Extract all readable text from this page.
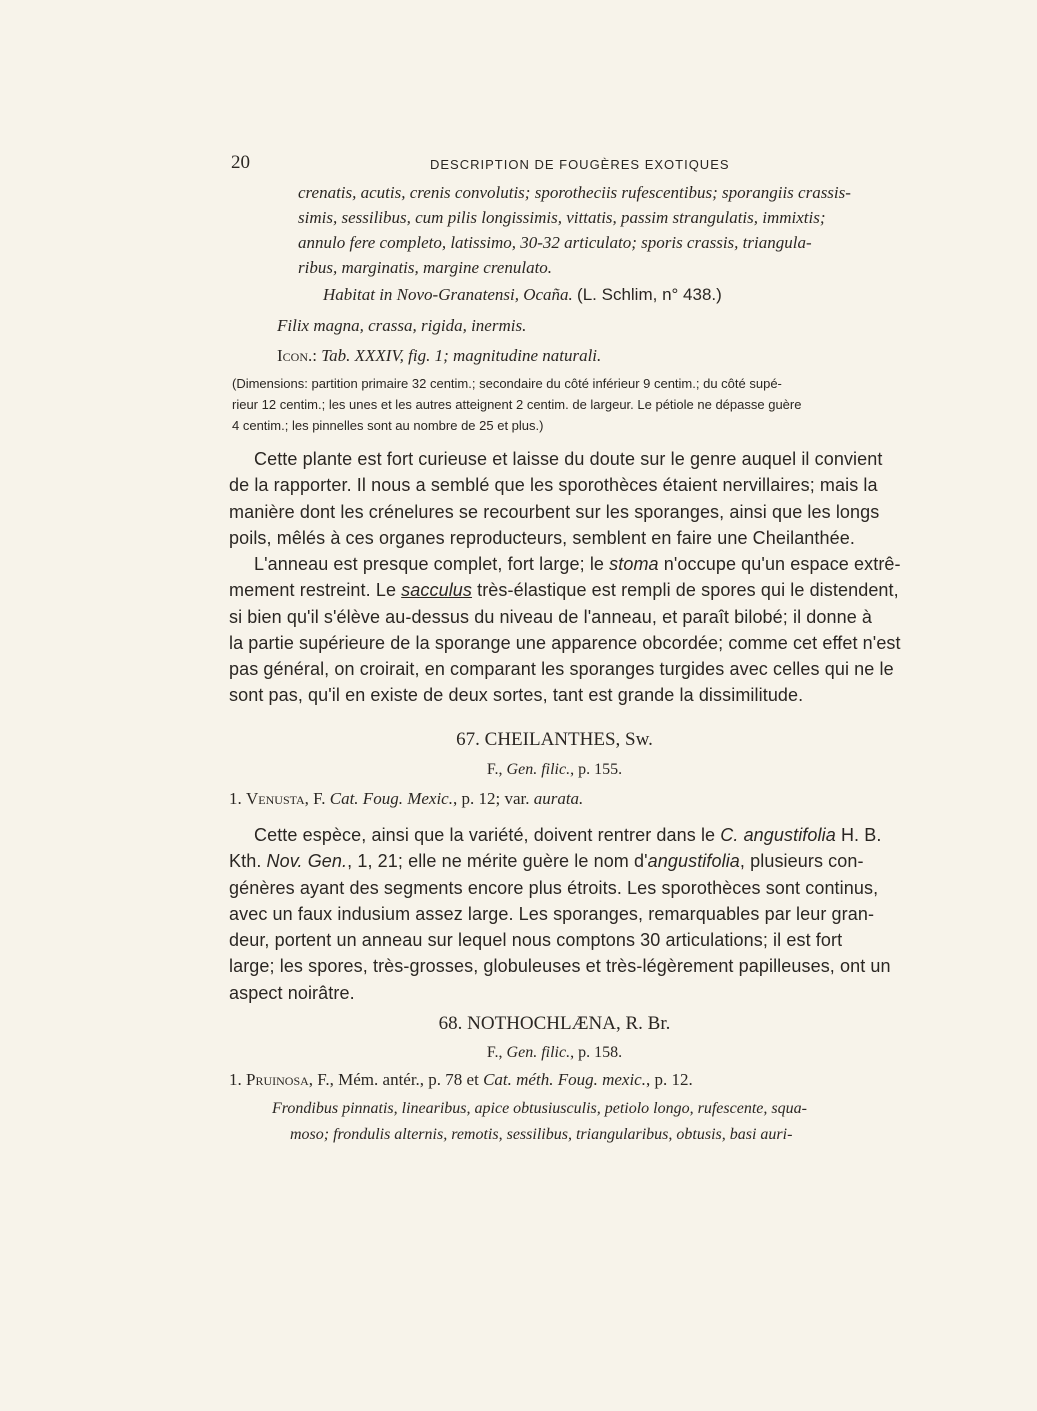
20	DESCRIPTION DE FOUGÈRES EXOTIQUES
crenatis, acutis, crenis convolutis; sporotheciis rufescentibus; sporangiis crassis-
simis, sessilibus, cum pilis longissimis, vittatis, passim strangulatis, immixtis;
annulo fere completo, latissimo, 30-32 articulato; sporis crassis, triangula-
ribus, marginatis, margine crenulato.
Habitat in Novo-Granatensi, Ocaña. (L. Schlim, n° 438.)
Filix magna, crassa, rigida, inermis.
Icon.: Tab. XXXIV, fig. 1; magnitudine naturali.
(Dimensions: partition primaire 32 centim.; secondaire du côté inférieur 9 centim.; du côté supé-
rieur 12 centim.; les unes et les autres atteignent 2 centim. de largeur. Le pétiole ne dépasse guère
4 centim.; les pinnelles sont au nombre de 25 et plus.)
Cette plante est fort curieuse et laisse du doute sur le genre auquel il convient
de la rapporter. Il nous a semblé que les sporothèces étaient nervillaires; mais la
manière dont les crénelures se recourbent sur les sporanges, ainsi que les longs
poils, mêlés à ces organes reproducteurs, semblent en faire une Cheilanthée.
L'anneau est presque complet, fort large; le stoma n'occupe qu'un espace extrê-
mement restreint. Le sacculus très-élastique est rempli de spores qui le distendent,
si bien qu'il s'élève au-dessus du niveau de l'anneau, et paraît bilobé; il donne à
la partie supérieure de la sporange une apparence obcordée; comme cet effet n'est
pas général, on croirait, en comparant les sporanges turgides avec celles qui ne le
sont pas, qu'il en existe de deux sortes, tant est grande la dissimilitude.
67. CHEILANTHES, Sw.
F., Gen. filic., p. 155.
1. Venusta, F. Cat. Foug. Mexic., p. 12; var. aurata.
Cette espèce, ainsi que la variété, doivent rentrer dans le C. angustifolia H. B.
Kth. Nov. Gen., 1, 21; elle ne mérite guère le nom d'angustifolia, plusieurs con-
génères ayant des segments encore plus étroits. Les sporothèces sont continus,
avec un faux indusium assez large. Les sporanges, remarquables par leur gran-
deur, portent un anneau sur lequel nous comptons 30 articulations; il est fort
large; les spores, très-grosses, globuleuses et très-légèrement papilleuses, ont un
aspect noirâtre.
68. NOTHOCHLÆNA, R. Br.
F., Gen. filic., p. 158.
1. Pruinosa, F., Mém. antér., p. 78 et Cat. méth. Foug. mexic., p. 12.
Frondibus pinnatis, linearibus, apice obtusiusculis, petiolo longo, rufescente, squa-
moso; frondulis alternis, remotis, sessilibus, triangularibus, obtusis, basi auri-
